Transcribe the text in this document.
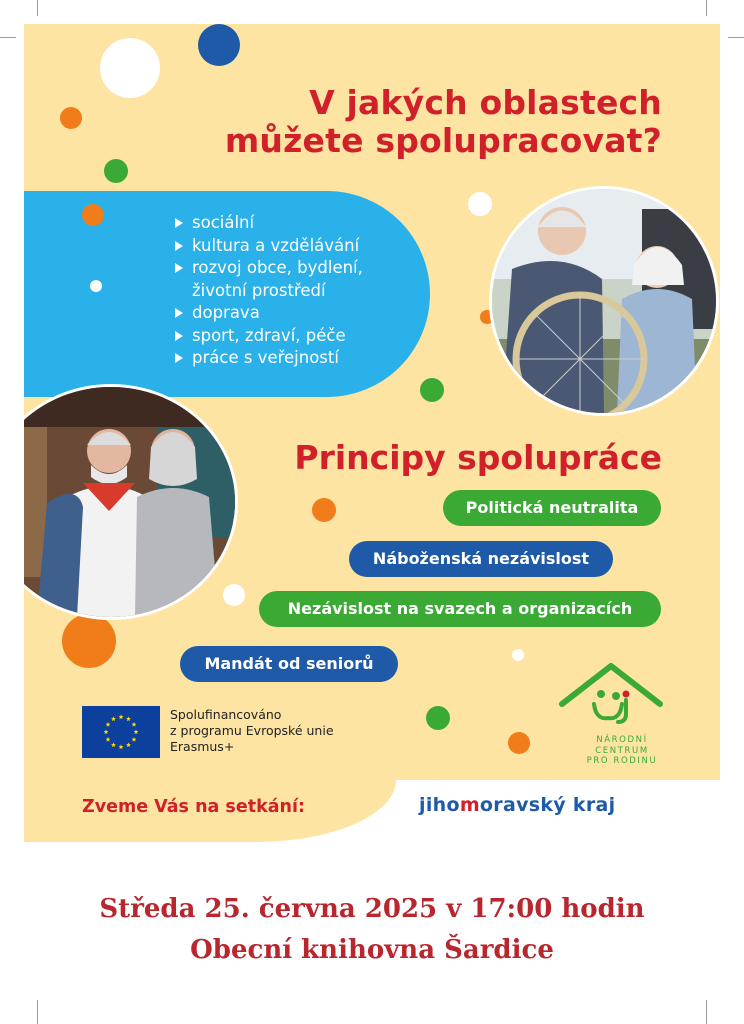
V jakých oblastech
můžete spolupracovat?
sociální
kultura a vzdělávání
rozvoj obce, bydlení,
životní prostředí
doprava
sport, zdraví, péče
práce s veřejností
Principy spolupráce
Politická neutralita
Náboženská nezávislost
Nezávislost na svazech a organizacích
Mandát od seniorů
Spolufinancováno
z programu Evropské unie
Erasmus+	NÁRODNÍ
CENTRUM
PRO RODINU
Zveme Vás na setkání:	jihomoravský kraj
Středa 25. června 2025 v 17:00 hodin
Obecní knihovna Šardice
